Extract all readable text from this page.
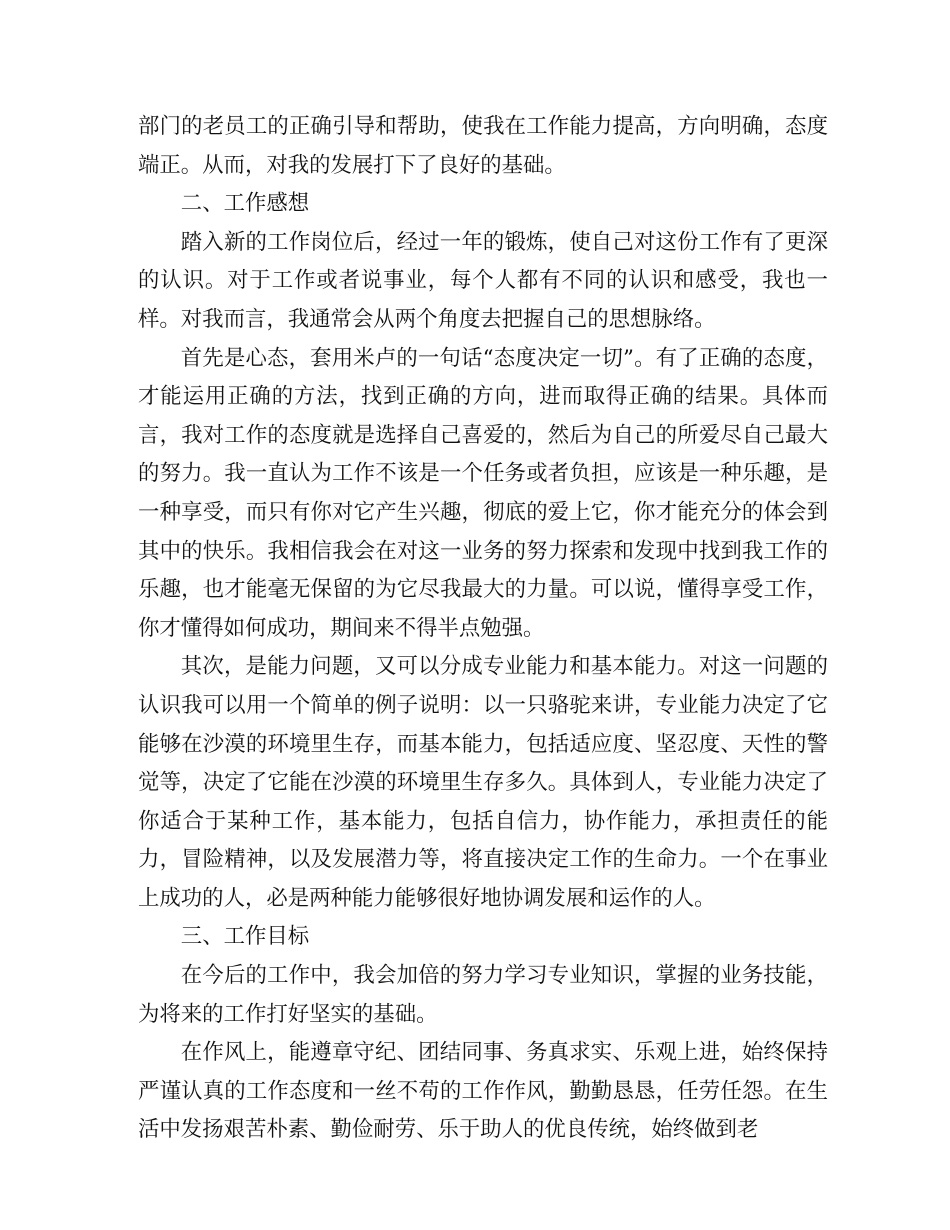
部门的老员工的正确引导和帮助，使我在工作能力提高，方向明确，态度端正。从而，对我的发展打下了良好的基础。

二、工作感想

踏入新的工作岗位后，经过一年的锻炼，使自己对这份工作有了更深的认识。对于工作或者说事业，每个人都有不同的认识和感受，我也一样。对我而言，我通常会从两个角度去把握自己的思想脉络。

首先是心态，套用米卢的一句话“态度决定一切”。有了正确的态度，才能运用正确的方法，找到正确的方向，进而取得正确的结果。具体而言，我对工作的态度就是选择自己喜爱的，然后为自己的所爱尽自己最大的努力。我一直认为工作不该是一个任务或者负担，应该是一种乐趣，是一种享受，而只有你对它产生兴趣，彻底的爱上它，你才能充分的体会到其中的快乐。我相信我会在对这一业务的努力探索和发现中找到我工作的乐趣，也才能毫无保留的为它尽我最大的力量。可以说，懂得享受工作，你才懂得如何成功，期间来不得半点勉强。

其次，是能力问题，又可以分成专业能力和基本能力。对这一问题的认识我可以用一个简单的例子说明：以一只骆驼来讲，专业能力决定了它能够在沙漠的环境里生存，而基本能力，包括适应度、坚忍度、天性的警觉等，决定了它能在沙漠的环境里生存多久。具体到人，专业能力决定了你适合于某种工作，基本能力，包括自信力，协作能力，承担责任的能力，冒险精神，以及发展潜力等，将直接决定工作的生命力。一个在事业上成功的人，必是两种能力能够很好地协调发展和运作的人。

三、工作目标

在今后的工作中，我会加倍的努力学习专业知识，掌握的业务技能，为将来的工作打好坚实的基础。

在作风上，能遵章守纪、团结同事、务真求实、乐观上进，始终保持严谨认真的工作态度和一丝不苟的工作作风，勤勤恳恳，任劳任怨。在生活中发扬艰苦朴素、勤俭耐劳、乐于助人的优良传统，始终做到老
